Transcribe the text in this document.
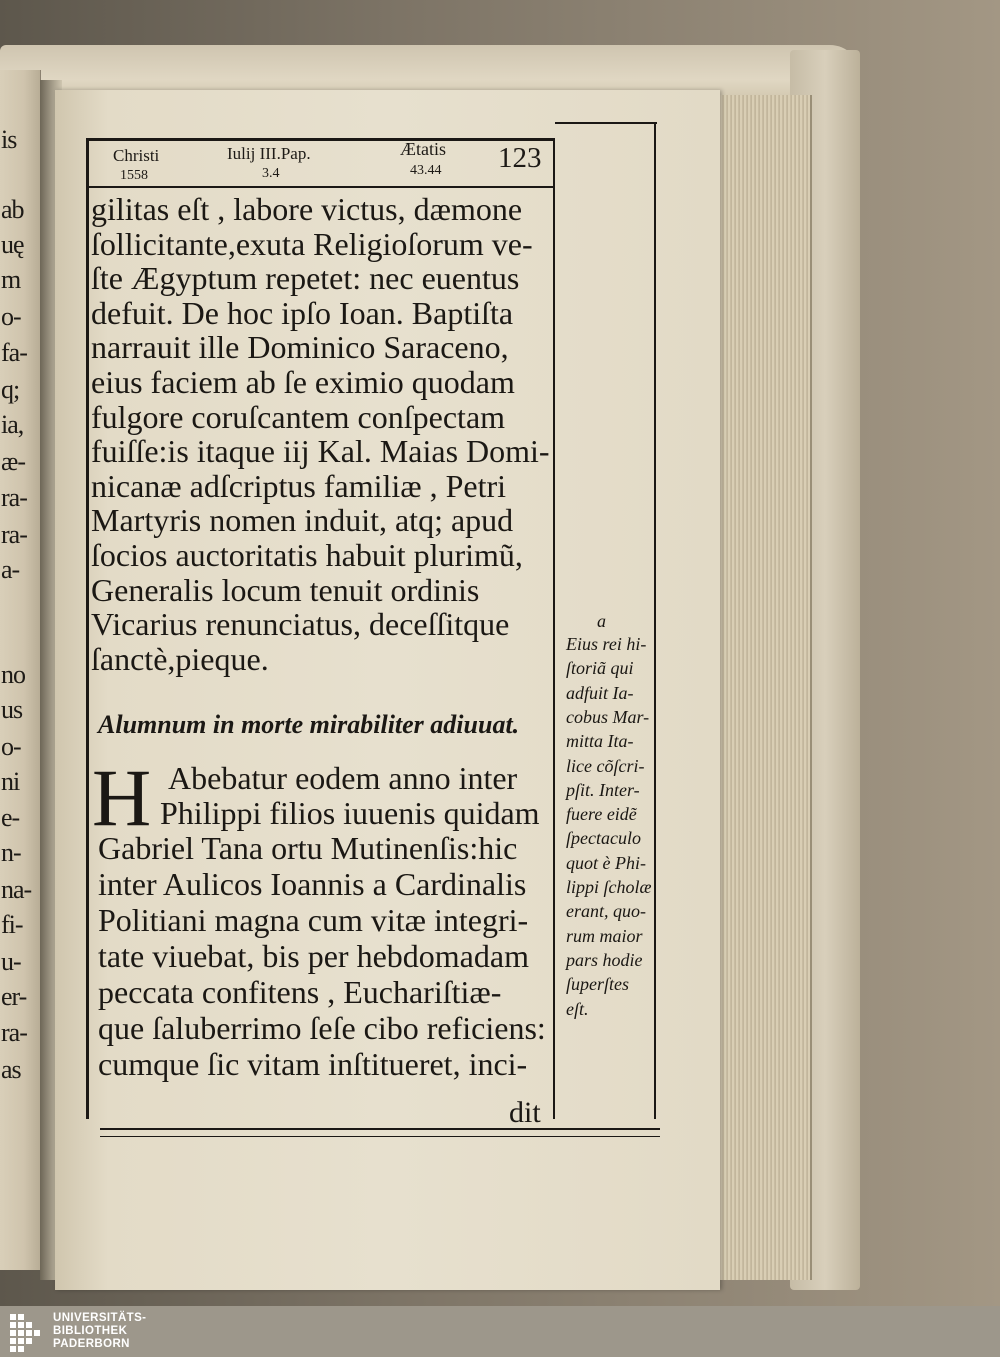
is
ab
uę
m
o-
fa-
q;
ia,
æ-
ra-
ra-
a-
no
us
o-
ni
e-
n-
na-
fi-
u-
er-
ra-
as
Christi
1558
Iulij III.Pap.
3.4
Ætatis
43.44 123
gilitas eſt , labore victus, dæmone
ſollicitante,exuta Religioſorum ve-
ſte Ægyptum repetet: nec euentus
defuit. De hoc ipſo Ioan. Baptiſta
narrauit ille Dominico Saraceno,
eius faciem ab ſe eximio quodam
fulgore coruſcantem conſpectam
fuiſſe:is itaque iij Kal. Maias Domi-
nicanæ adſcriptus familiæ , Petri
Martyris nomen induit, atq; apud
ſocios auctoritatis habuit plurimũ,
Generalis locum tenuit ordinis
Vicarius renunciatus, deceſſitque
ſanctè,pieque.
Alumnum in morte mirabiliter adiuuat.
H Abebatur eodem anno inter
Philippi filios iuuenis quidam
Gabriel Tana ortu Mutinenſis:hic
inter Aulicos Ioannis a Cardinalis
Politiani magna cum vitæ integri-
tate viuebat, bis per hebdomadam
peccata confitens , Euchariſtiæ-
que ſaluberrimo ſeſe cibo reficiens:
cumque ſic vitam inſtitueret, inci-
dit
a
Eius rei hi-
ſtoriã qui
adfuit Ia-
cobus Mar-
mitta Ita-
lice cõſcri-
pſit. Inter-
fuere eidẽ
ſpectaculo
quot è Phi-
lippi ſcholæ
erant, quo-
rum maior
pars hodie
ſuperſtes
eſt.
UNIVERSITÄTS-
BIBLIOTHEK
PADERBORN
